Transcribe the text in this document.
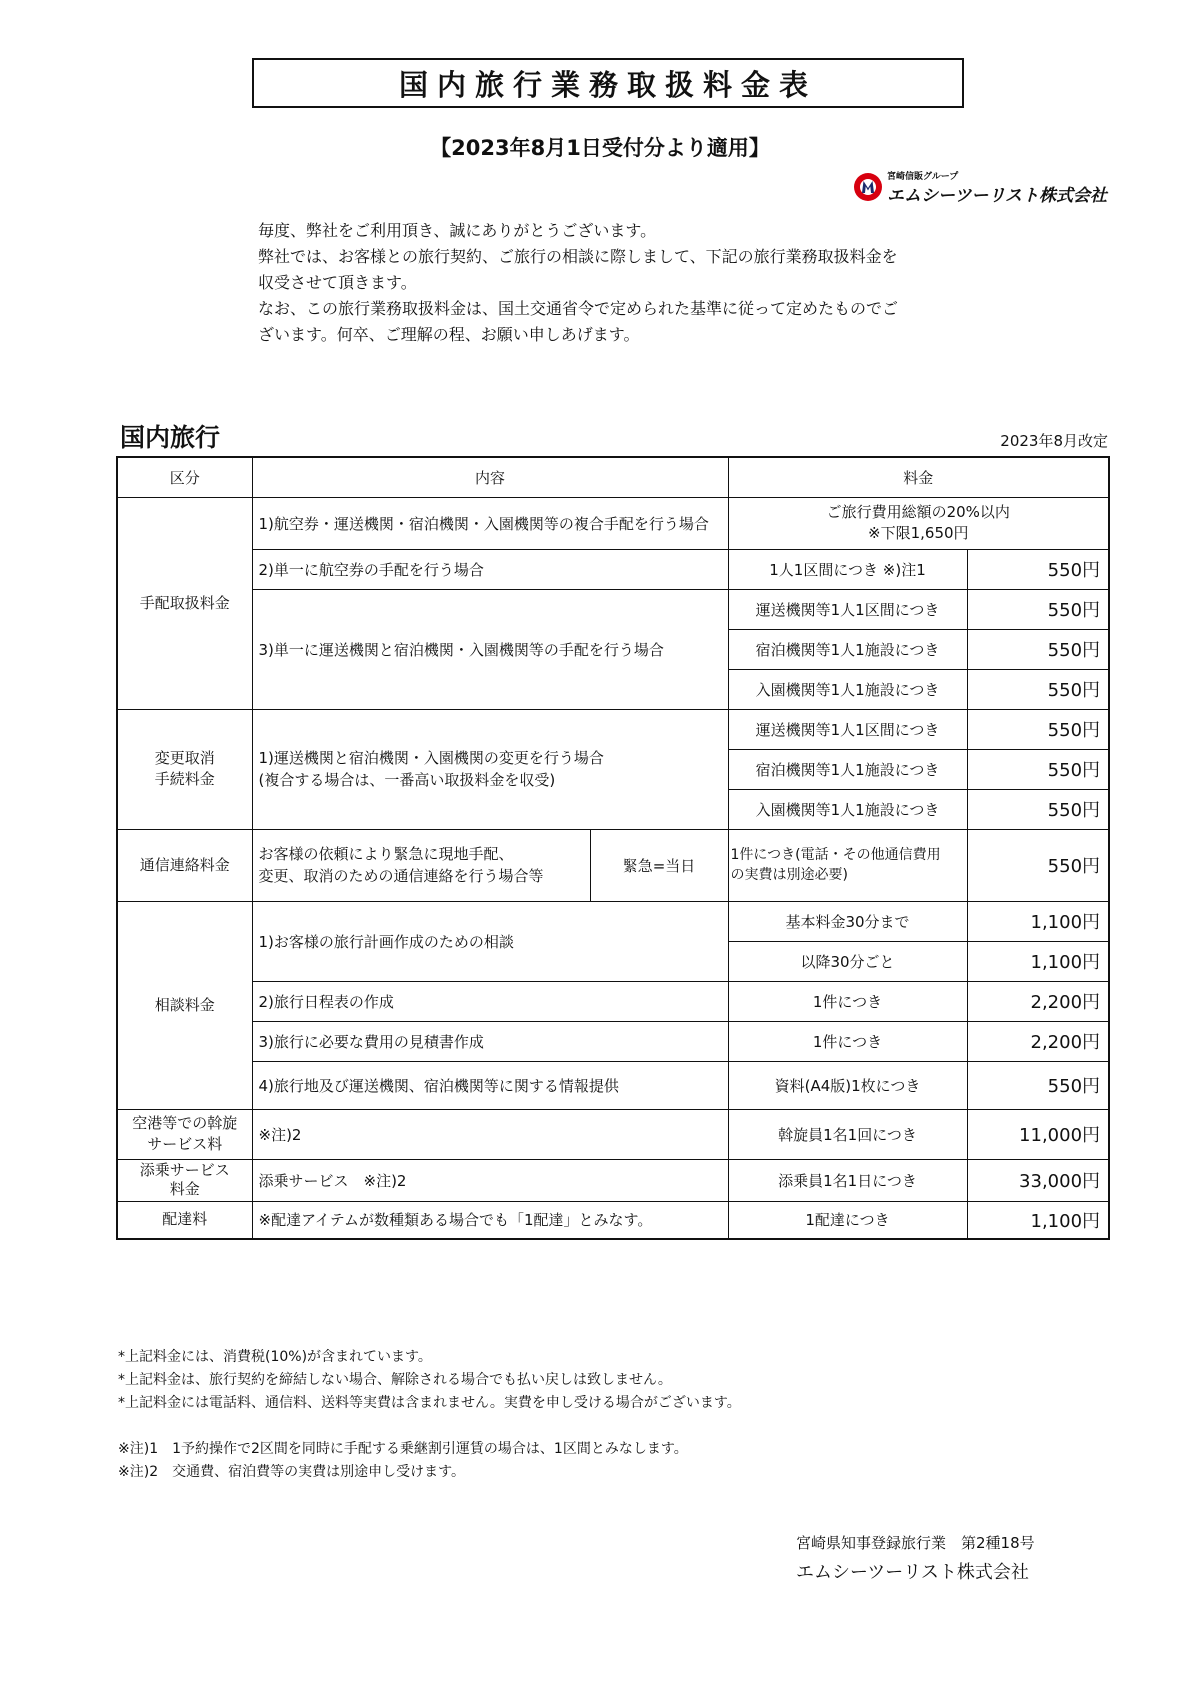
国内旅行業務取扱料金表
【2023年8月1日受付分より適用】
宮崎信販グループ
エムシーツーリスト株式会社

毎度、弊社をご利用頂き、誠にありがとうございます。

弊社では、お客様との旅行契約、ご旅行の相談に際しまして、下記の旅行業務取扱料金を

収受させて頂きます。

なお、この旅行業務取扱料金は、国土交通省令で定められた基準に従って定めたものでご

ざいます。何卒、ご理解の程、お願い申しあげます。

国内旅行	2023年8月改定
区分	内容		料金	
手配取扱料金	1)航空券・運送機関・宿泊機関・入園機関等の複合手配を行う場合		ご旅行費用総額の20%以内
※下限1,650円	
	2)単一に航空券の手配を行う場合		1人1区間につき ※)注1	550円
	3)単一に運送機関と宿泊機関・入園機関等の手配を行う場合		運送機関等1人1区間につき	550円
			宿泊機関等1人1施設につき	550円
			入園機関等1人1施設につき	550円
変更取消
手続料金	1)運送機関と宿泊機関・入園機関の変更を行う場合
(複合する場合は、一番高い取扱料金を収受)		運送機関等1人1区間につき	550円
			宿泊機関等1人1施設につき	550円
			入園機関等1人1施設につき	550円
通信連絡料金	お客様の依頼により緊急に現地手配、
変更、取消のための通信連絡を行う場合等	緊急=当日	1件につき(電話・その他通信費用
の実費は別途必要)	550円
相談料金	1)お客様の旅行計画作成のための相談		基本料金30分まで	1,100円
			以降30分ごと	1,100円
	2)旅行日程表の作成		1件につき	2,200円
	3)旅行に必要な費用の見積書作成		1件につき	2,200円
	4)旅行地及び運送機関、宿泊機関等に関する情報提供		資料(A4版)1枚につき	550円
空港等での斡旋
サービス料	※注)2		斡旋員1名1回につき	11,000円
添乗サービス
料金	添乗サービス　※注)2		添乗員1名1日につき	33,000円
配達料	※配達アイテムが数種類ある場合でも「1配達」とみなす。		1配達につき	1,100円

*上記料金には、消費税(10%)が含まれています。

*上記料金は、旅行契約を締結しない場合、解除される場合でも払い戻しは致しません。

*上記料金には電話料、通信料、送料等実費は含まれません。実費を申し受ける場合がございます。

※注)1　1予約操作で2区間を同時に手配する乗継割引運賃の場合は、1区間とみなします。

※注)2　交通費、宿泊費等の実費は別途申し受けます。

宮崎県知事登録旅行業　第2種18号
エムシーツーリスト株式会社
